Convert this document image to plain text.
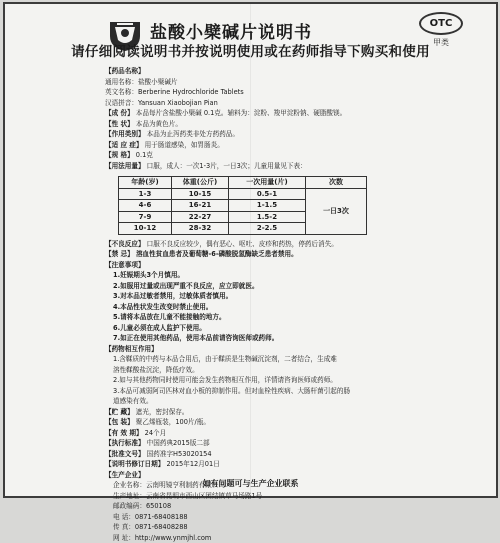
盐酸小檗碱片说明书	OTC
甲类
请仔细阅读说明书并按说明使用或在药师指导下购买和使用
【药品名称】
通用名称：盐酸小檗碱片
英文名称：Berberine Hydrochloride Tablets
汉语拼音：Yansuan Xiaobojian Pian
【成 份】 本品每片含盐酸小檗碱 0.1克。辅料为：淀粉、羧甲淀粉钠、硬脂酸镁。
【性 状】 本品为黄色片。
【作用类别】 本品为止泻药类非处方药药品。
【适 应 症】 用于肠道感染，如胃肠炎。
【规 格】 0.1克
【用法用量】 口服，成人：一次1-3片，一日3次；儿童用量见下表：
年龄(岁)	体重(公斤)	一次用量(片)	次数
1-3	10-15	0.5-1	一日3次
4-6	16-21	1-1.5	
7-9	22-27	1.5-2	
10-12	28-32	2-2.5	
【不良反应】 口服不良反应较少，偶有恶心、呕吐、皮疹和药热，停药后消失。
【禁 忌】 溶血性贫血患者及葡萄糖-6-磷酸脱氢酶缺乏患者禁用。
【注意事项】
1.妊娠期头3个月慎用。
2.如服用过量或出现严重不良反应，应立即就医。
3.对本品过敏者禁用，过敏体质者慎用。
4.本品性状发生改变时禁止使用。
5.请将本品放在儿童不能接触的地方。
6.儿童必须在成人监护下使用。
7.如正在使用其他药品，使用本品前请咨询医师或药师。
【药物相互作用】
1.含鞣质的中药与本品合用后，由于鞣质是生物碱沉淀剂，二者结合，生成难
溶性鞣酸盐沉淀，降低疗效。
2.如与其他药物同时使用可能会发生药物相互作用，详情请咨询医师或药师。
3.本品可减弱阿司匹林对血小板的抑制作用。但对血栓性疾病、大肠杆菌引起的肠
道感染有效。
【贮 藏】 遮光，密封保存。
【包 装】 聚乙烯瓶装，100片/瓶。
【有 效 期】 24个月
【执行标准】 中国药典2015版二部
【批准文号】 国药准字H53020154
【说明书修订日期】 2015年12月01日
【生产企业】
企业名称：云南明镜亨利制药有限公司
生产地址：云南省昆明市西山区团结镇草马场路1号
邮政编码：650108
电 话：0871-68408188
传 真：0871-68408288
网 址：http://www.ynmjhl.com
如有问题可与生产企业联系
